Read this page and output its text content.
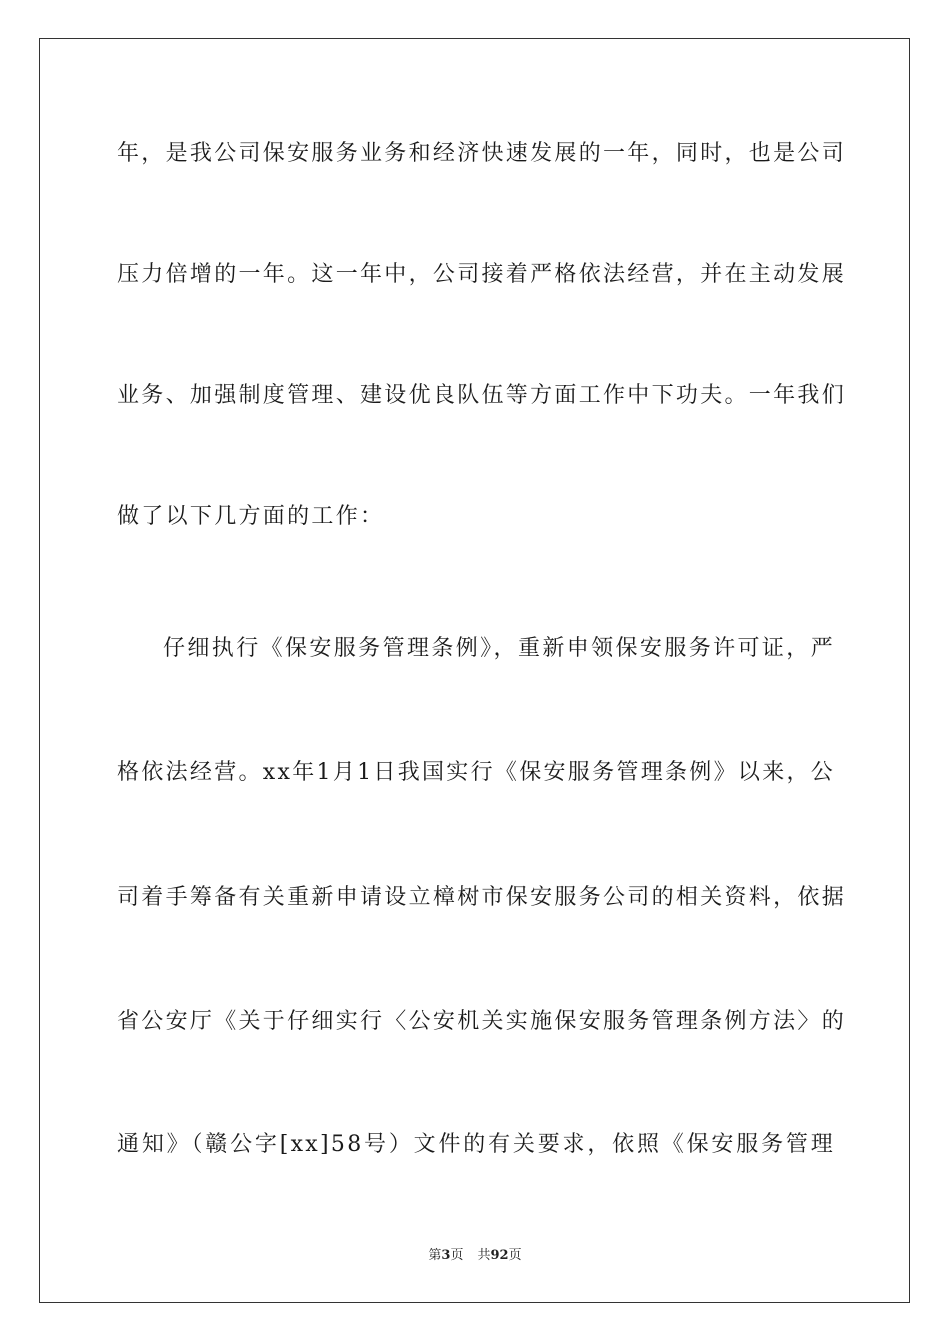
年，是我公司保安服务业务和经济快速发展的一年，同时，也是公司
压力倍增的一年。这一年中，公司接着严格依法经营，并在主动发展
业务、加强制度管理、建设优良队伍等方面工作中下功夫。一年我们
做了以下几方面的工作：
仔细执行《保安服务管理条例》，重新申领保安服务许可证，严
格依法经营。xx年1月1日我国实行《保安服务管理条例》以来，公
司着手筹备有关重新申请设立樟树市保安服务公司的相关资料，依据
省公安厅《关于仔细实行〈公安机关实施保安服务管理条例方法〉的
通知》（赣公字[xx]58号）文件的有关要求，依照《保安服务管理
第3页 共92页
